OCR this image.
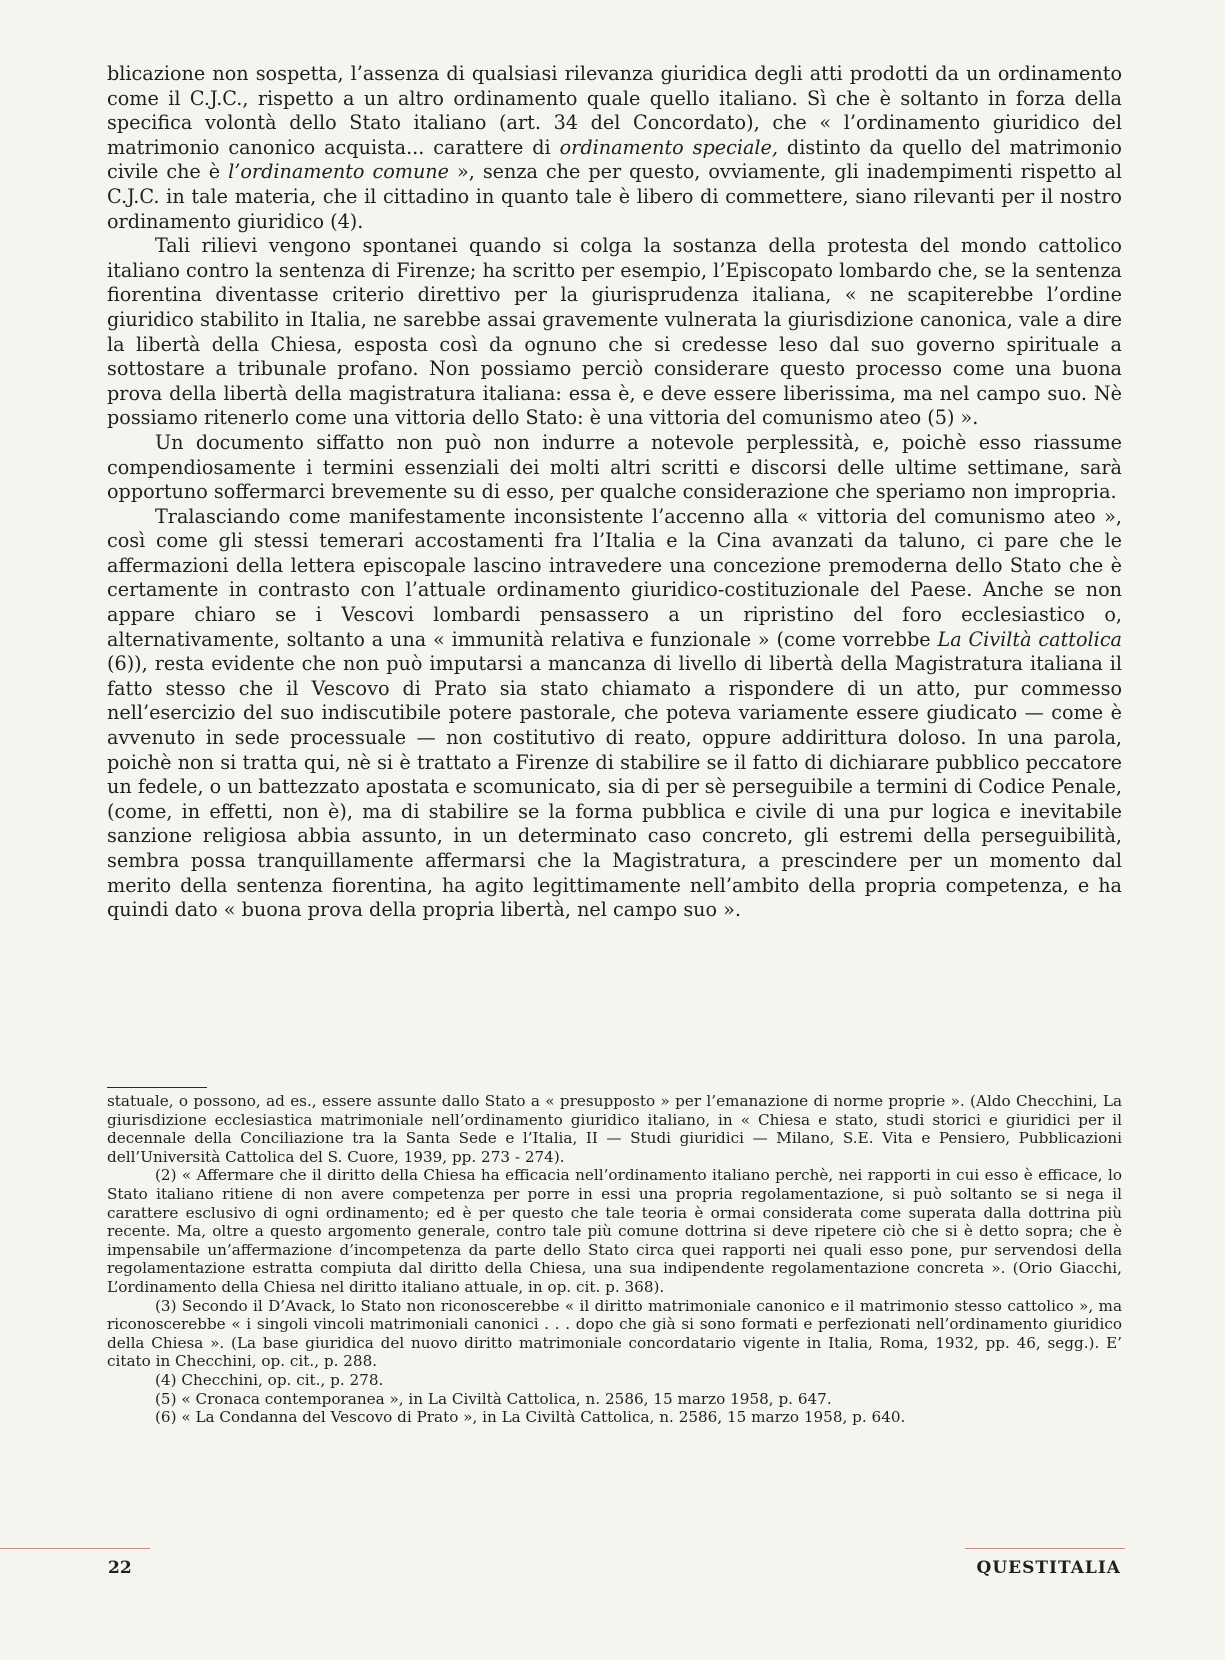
blicazione non sospetta, l’assenza di qualsiasi rilevanza giuridica degli atti prodotti da un ordinamento come il C.J.C., rispetto a un altro ordinamento quale quello italiano. Sì che è soltanto in forza della specifica volontà dello Stato italiano (art. 34 del Concordato), che « l’ordinamento giuridico del matrimonio canonico acquista... carattere di ordinamento speciale, distinto da quello del matrimonio civile che è l’ordinamento comune », senza che per questo, ovviamente, gli inadempimenti rispetto al C.J.C. in tale materia, che il cittadino in quanto tale è libero di commettere, siano rilevanti per il nostro ordinamento giuridico (4).

Tali rilievi vengono spontanei quando si colga la sostanza della protesta del mondo cattolico italiano contro la sentenza di Firenze; ha scritto per esempio, l’Episcopato lombardo che, se la sentenza fiorentina diventasse criterio direttivo per la giurisprudenza italiana, « ne scapiterebbe l’ordine giuridico stabilito in Italia, ne sarebbe assai gravemente vulnerata la giurisdizione canonica, vale a dire la libertà della Chiesa, esposta così da ognuno che si credesse leso dal suo governo spirituale a sottostare a tribunale profano. Non possiamo perciò considerare questo processo come una buona prova della libertà della magistratura italiana: essa è, e deve essere liberissima, ma nel campo suo. Nè possiamo ritenerlo come una vittoria dello Stato: è una vittoria del comunismo ateo (5) ».

Un documento siffatto non può non indurre a notevole perplessità, e, poichè esso riassume compendiosamente i termini essenziali dei molti altri scritti e discorsi delle ultime settimane, sarà opportuno soffermarci brevemente su di esso, per qualche considerazione che speriamo non impropria.

Tralasciando come manifestamente inconsistente l’accenno alla « vittoria del comunismo ateo », così come gli stessi temerari accostamenti fra l’Italia e la Cina avanzati da taluno, ci pare che le affermazioni della lettera episcopale lascino intravedere una concezione premoderna dello Stato che è certamente in contrasto con l’attuale ordinamento giuridico-costituzionale del Paese. Anche se non appare chiaro se i Vescovi lombardi pensassero a un ripristino del foro ecclesiastico o, alternativamente, soltanto a una « immunità relativa e funzionale » (come vorrebbe La Civiltà cattolica (6)), resta evidente che non può imputarsi a mancanza di livello di libertà della Magistratura italiana il fatto stesso che il Vescovo di Prato sia stato chiamato a rispondere di un atto, pur commesso nell’esercizio del suo indiscutibile potere pastorale, che poteva variamente essere giudicato — come è avvenuto in sede processuale — non costitutivo di reato, oppure addirittura doloso. In una parola, poichè non si tratta qui, nè si è trattato a Firenze di stabilire se il fatto di dichiarare pubblico peccatore un fedele, o un battezzato apostata e scomunicato, sia di per sè perseguibile a termini di Codice Penale, (come, in effetti, non è), ma di stabilire se la forma pubblica e civile di una pur logica e inevitabile sanzione religiosa abbia assunto, in un determinato caso concreto, gli estremi della perseguibilità, sembra possa tranquillamente affermarsi che la Magistratura, a prescindere per un momento dal merito della sentenza fiorentina, ha agito legittimamente nell’ambito della propria competenza, e ha quindi dato « buona prova della propria libertà, nel campo suo ».

statuale, o possono, ad es., essere assunte dallo Stato a « presupposto » per l’emanazione di norme proprie ». (Aldo Checchini, La giurisdizione ecclesiastica matrimoniale nell’ordinamento giuridico italiano, in « Chiesa e stato, studi storici e giuridici per il decennale della Conciliazione tra la Santa Sede e l’Italia, II — Studi giuridici — Milano, S.E. Vita e Pensiero, Pubblicazioni dell’Università Cattolica del S. Cuore, 1939, pp. 273 - 274).

(2) « Affermare che il diritto della Chiesa ha efficacia nell’ordinamento italiano perchè, nei rapporti in cui esso è efficace, lo Stato italiano ritiene di non avere competenza per porre in essi una propria regolamentazione, si può soltanto se si nega il carattere esclusivo di ogni ordinamento; ed è per questo che tale teoria è ormai considerata come superata dalla dottrina più recente. Ma, oltre a questo argomento generale, contro tale più comune dottrina si deve ripetere ciò che si è detto sopra; che è impensabile un’affermazione d’incompetenza da parte dello Stato circa quei rapporti nei quali esso pone, pur servendosi della regolamentazione estratta compiuta dal diritto della Chiesa, una sua indipendente regolamentazione concreta ». (Orio Giacchi, L’ordinamento della Chiesa nel diritto italiano attuale, in op. cit. p. 368).

(3) Secondo il D’Avack, lo Stato non riconoscerebbe « il diritto matrimoniale canonico e il matrimonio stesso cattolico », ma riconoscerebbe « i singoli vincoli matrimoniali canonici . . . dopo che già si sono formati e perfezionati nell’ordinamento giuridico della Chiesa ». (La base giuridica del nuovo diritto matrimoniale concordatario vigente in Italia, Roma, 1932, pp. 46, segg.). E’ citato in Checchini, op. cit., p. 288.

(4) Checchini, op. cit., p. 278.

(5) « Cronaca contemporanea », in La Civiltà Cattolica, n. 2586, 15 marzo 1958, p. 647.

(6) « La Condanna del Vescovo di Prato », in La Civiltà Cattolica, n. 2586, 15 marzo 1958, p. 640.

22	QUESTITALIA
